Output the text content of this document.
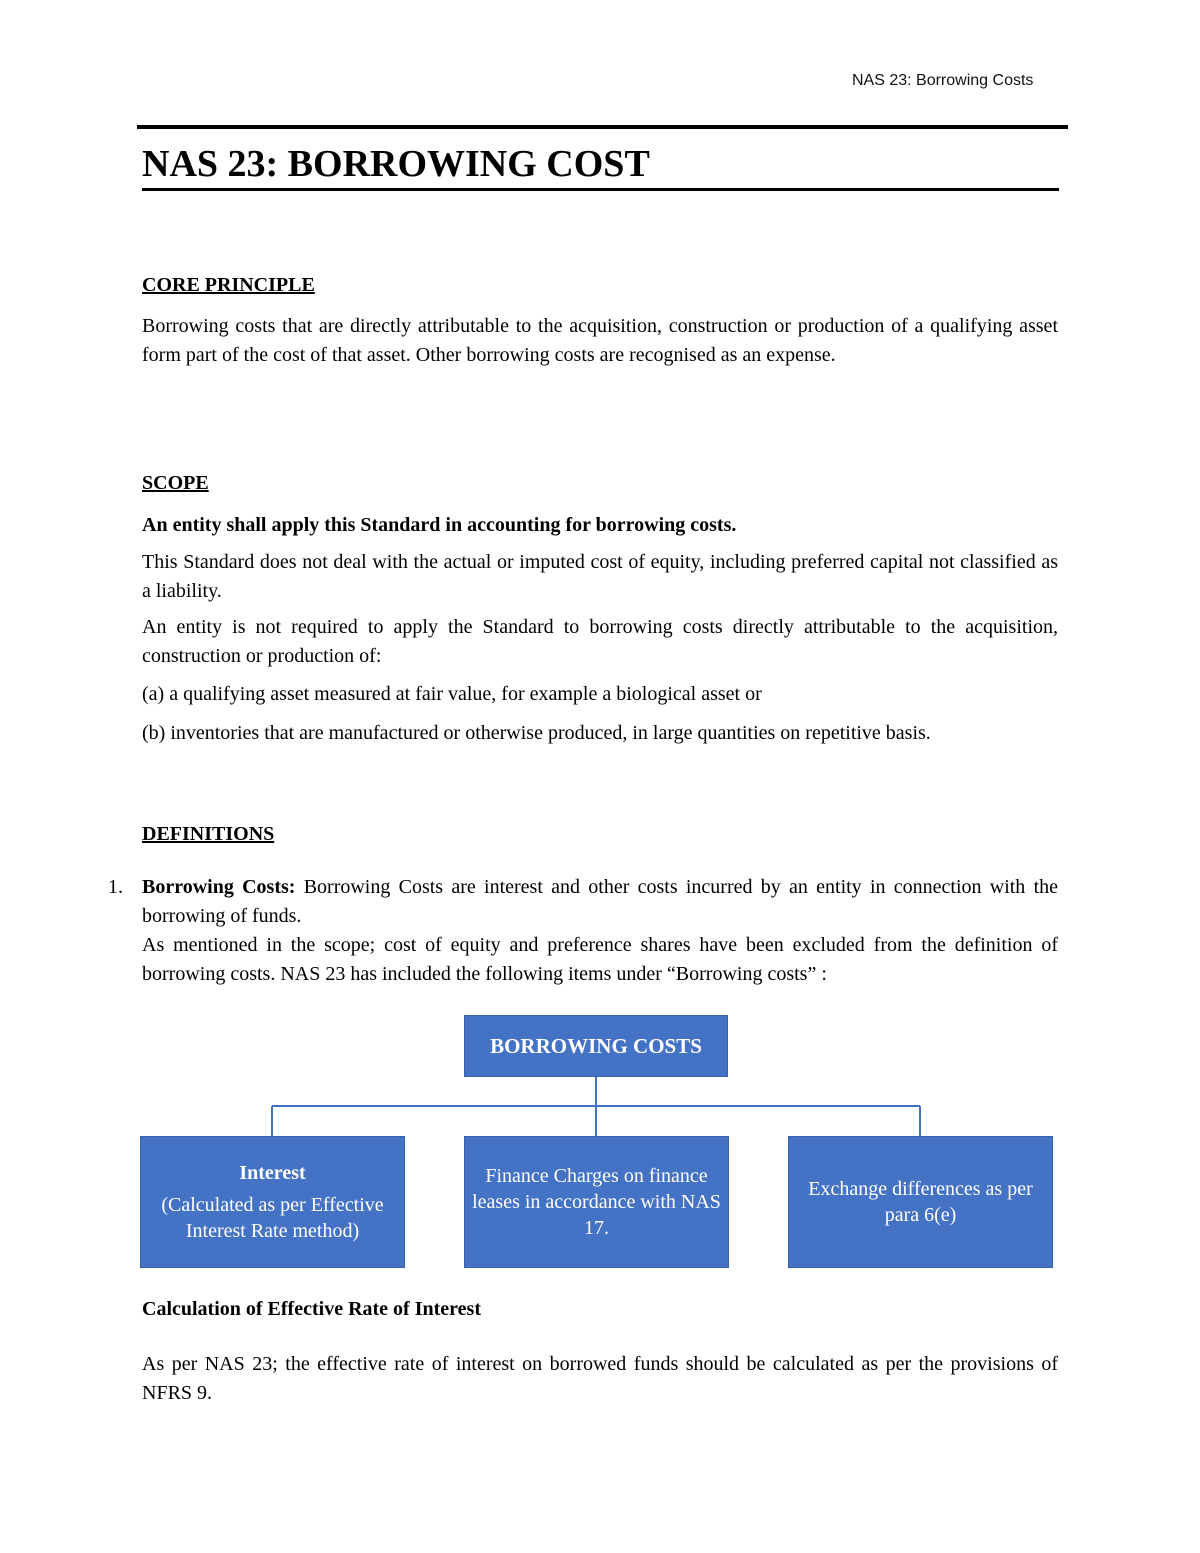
NAS 23: Borrowing Costs
NAS 23: BORROWING COST
CORE PRINCIPLE
Borrowing costs that are directly attributable to the acquisition, construction or production of a qualifying asset form part of the cost of that asset. Other borrowing costs are recognised as an expense.
SCOPE
An entity shall apply this Standard in accounting for borrowing costs.
This Standard does not deal with the actual or imputed cost of equity, including preferred capital not classified as a liability.
An entity is not required to apply the Standard to borrowing costs directly attributable to the acquisition, construction or production of:
(a) a qualifying asset measured at fair value, for example a biological asset or
(b) inventories that are manufactured or otherwise produced, in large quantities on repetitive basis.
DEFINITIONS
1. Borrowing Costs: Borrowing Costs are interest and other costs incurred by an entity in connection with the borrowing of funds.
As mentioned in the scope; cost of equity and preference shares have been excluded from the definition of borrowing costs. NAS 23 has included the following items under “Borrowing costs” :
BORROWING COSTS
Interest
(Calculated as per Effective Interest Rate method)
Finance Charges on finance leases in accordance with NAS 17.
Exchange differences as per para 6(e)
Calculation of Effective Rate of Interest
As per NAS 23; the effective rate of interest on borrowed funds should be calculated as per the provisions of NFRS 9.
